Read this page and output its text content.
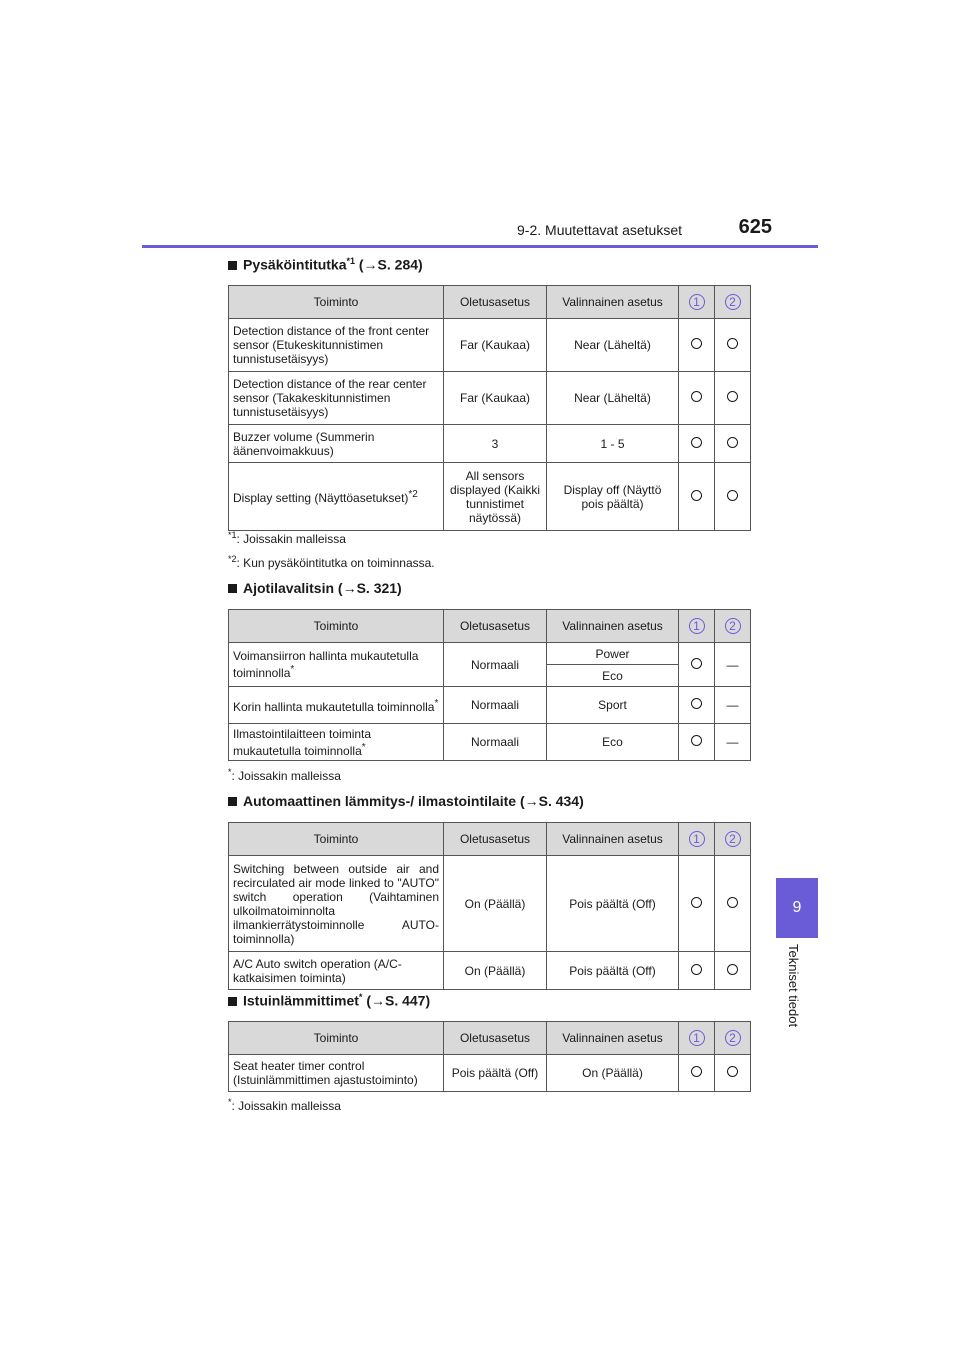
9-2. Muutettavat asetukset	625
9
Tekniset tiedot
Pysäköintitutka$^{*1}$ (→S. 284)
Toiminto	Oletusasetus	Valinnainen asetus	1	2
Detection distance of the front center sensor (Etukeskitunnistimen tunnistusetäisyys)	Far (Kaukaa)	Near (Läheltä)		
Detection distance of the rear center sensor (Takakeskitunnistimen tunnistusetäisyys)	Far (Kaukaa)	Near (Läheltä)		
Buzzer volume (Summerin äänenvoimakkuus)	3	1 - 5		
Display setting (Näyttöasetukset)$^{*2}$	All sensors displayed (Kaikki tunnistimet näytössä)	Display off (Näyttö pois päältä)		
$^{*1}$: Joissakin malleissa
$^{*2}$: Kun pysäköintitutka on toiminnassa.
Ajotilavalitsin (→S. 321)
Toiminto	Oletusasetus	Valinnainen asetus	1	2
Voimansiirron hallinta mukautetulla toiminnolla*	Normaali	Power		—
		Eco		
Korin hallinta mukautetulla toiminnolla*	Normaali	Sport		—
Ilmastointilaitteen toiminta mukautetulla toiminnolla*	Normaali	Eco		—
*: Joissakin malleissa
Automaattinen lämmitys-/ ilmastointilaite (→S. 434)
Toiminto	Oletusasetus	Valinnainen asetus	1	2
Switching between outside air and recirculated air mode linked to "AUTO" switch operation (Vaihtaminen ulkoilmatoiminnolta ilmankierrätystoiminnolle AUTO-toiminnolla)	On (Päällä)	Pois päältä (Off)		
A/C Auto switch operation (A/C-katkaisimen toiminta)	On (Päällä)	Pois päältä (Off)		
Istuinlämmittimet* (→S. 447)
Toiminto	Oletusasetus	Valinnainen asetus	1	2
Seat heater timer control (Istuinlämmittimen ajastustoiminto)	Pois päältä (Off)	On (Päällä)		
*: Joissakin malleissa
